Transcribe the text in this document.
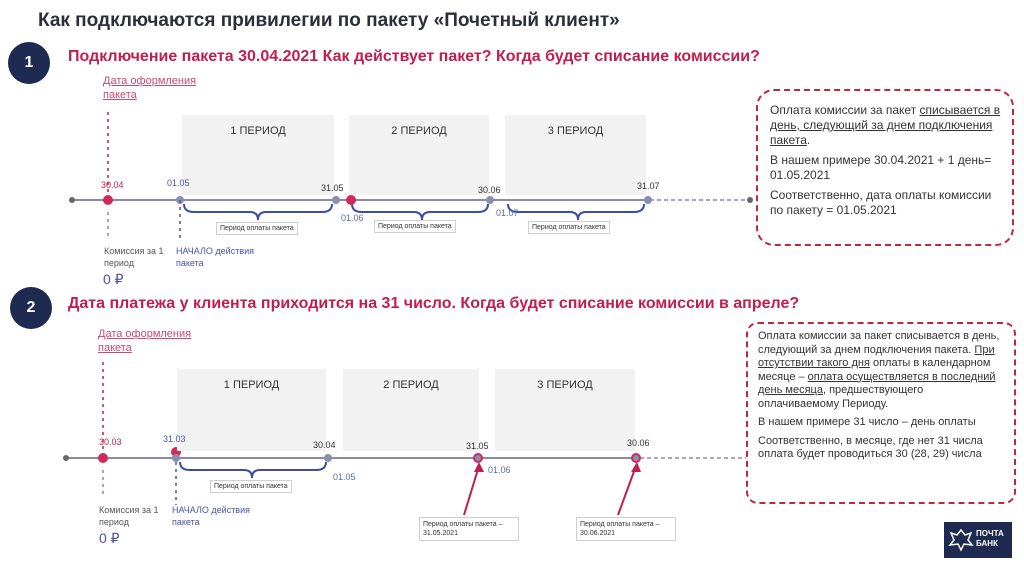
Как подключаются привилегии по пакету «Почетный клиент»
1	Подключение пакета 30.04.2021 Как действует пакет? Когда будет списание комиссии?
Дата оформления пакета
1 ПЕРИОД	2 ПЕРИОД	3 ПЕРИОД
30.04	01.05	31.05
01.06
30.06
01.07
31.07
Период оплаты пакета	Период оплаты пакета	Период оплаты пакета
Комиссия за 1 период
0 ₽
НАЧАЛО действия пакета

Оплата комиссии за пакет списывается в день, следующий за днем подключения пакета.

В нашем примере 30.04.2021 + 1 день= 01.05.2021

Соответственно, дата оплаты комиссии по пакету = 01.05.2021

2	Дата платежа у клиента приходится на 31 число. Когда будет списание комиссии в апреле?
Дата оформления пакета
1 ПЕРИОД	2 ПЕРИОД	3 ПЕРИОД
30.03	31.03
30.04
01.05
31.05
01.06
30.06
Период оплаты пакета
Период оплаты пакета – 31.05.2021
Период оплаты пакета – 30.06.2021
Комиссия за 1 период
0 ₽
НАЧАЛО действия пакета

Оплата комиссии за пакет списывается в день, следующий за днем подключения пакета. При отсутствии такого дня оплаты в календарном месяце – оплата осуществляется в последний день месяца, предшествующего оплачиваемому Периоду.

В нашем примере 31 число – день оплаты

Соответственно, в месяце, где нет 31 числа оплата будет проводиться 30 (28, 29) числа

ПОЧТА
БАНК
